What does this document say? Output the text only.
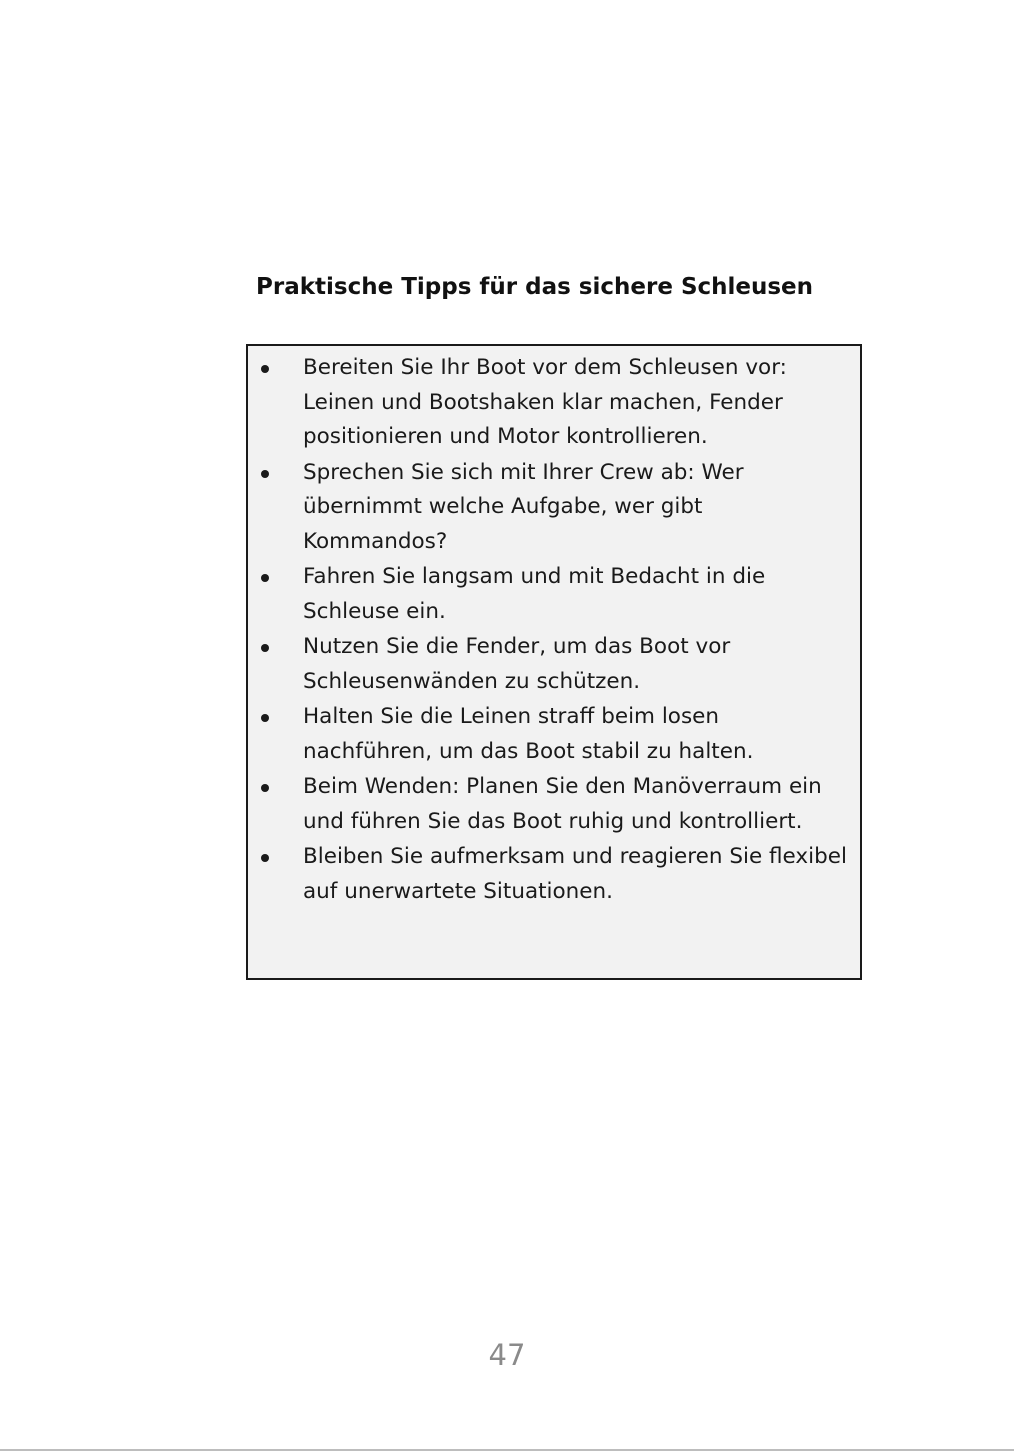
Praktische Tipps für das sichere Schleusen
Bereiten Sie Ihr Boot vor dem Schleusen vor: Leinen und Bootshaken klar machen, Fender positionieren und Motor kontrollieren.
Sprechen Sie sich mit Ihrer Crew ab: Wer übernimmt welche Aufgabe, wer gibt Kommandos?
Fahren Sie langsam und mit Bedacht in die Schleuse ein.
Nutzen Sie die Fender, um das Boot vor Schleusenwänden zu schützen.
Halten Sie die Leinen straff beim losen nachführen, um das Boot stabil zu halten.
Beim Wenden: Planen Sie den Manöverraum ein und führen Sie das Boot ruhig und kontrolliert.
Bleiben Sie aufmerksam und reagieren Sie flexibel auf unerwartete Situationen.
47
